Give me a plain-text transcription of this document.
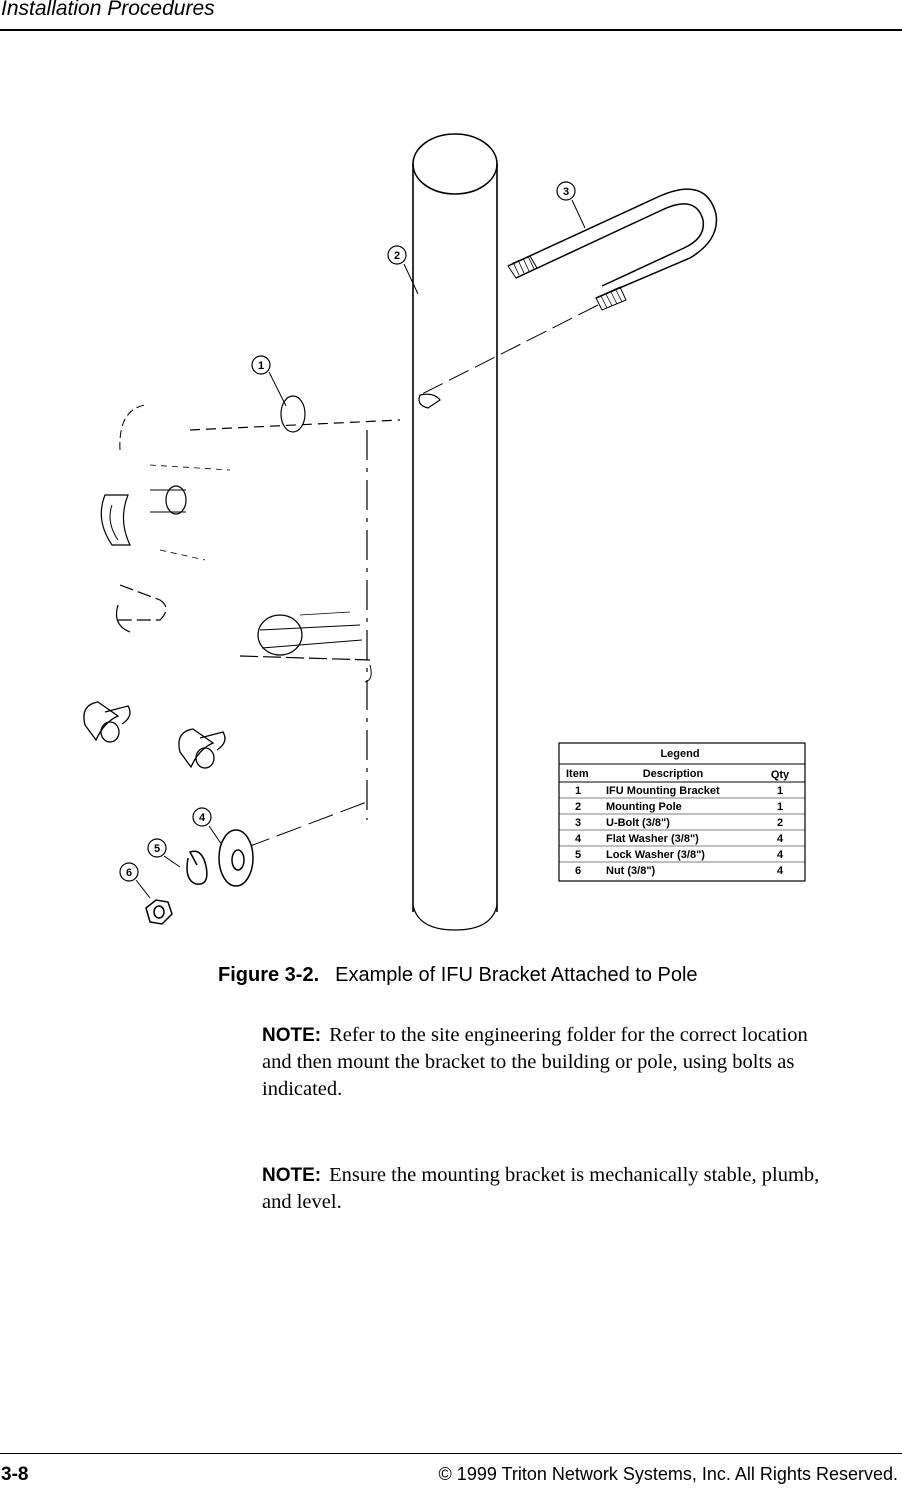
Installation Procedures
1
2
3
4
5
6
Legend
Item	Description	Qty
1 IFU Mounting Bracket	1
2 Mounting Pole	1
3 U-Bolt (3/8")	2
4 Flat Washer (3/8")	4
5 Lock Washer (3/8")	4
6 Nut (3/8")	4
Figure 3-2. Example of IFU Bracket Attached to Pole
NOTE: Refer to the site engineering folder for the correct location and then mount the bracket to the building or pole, using bolts as indicated.
NOTE: Ensure the mounting bracket is mechanically stable, plumb, and level.
3-8	© 1999 Triton Network Systems, Inc. All Rights Reserved.
